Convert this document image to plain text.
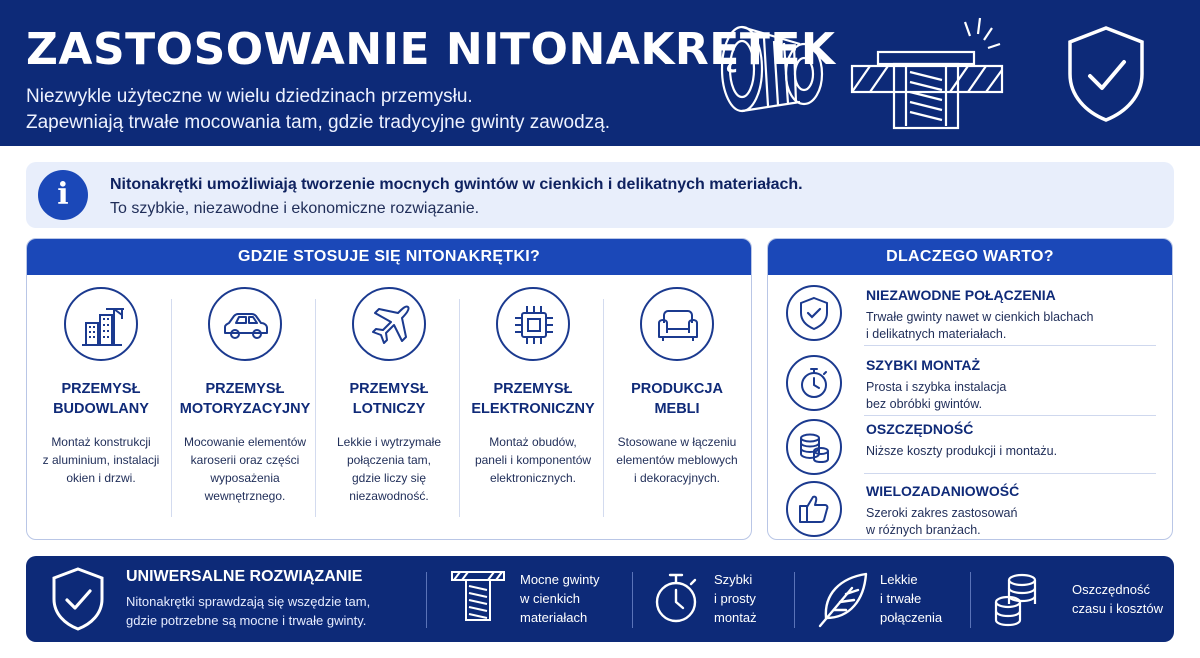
ZASTOSOWANIE NITONAKRĘTEK
Niezwykle użyteczne w wielu dziedzinach przemysłu.
Zapewniają trwałe mocowania tam, gdzie tradycyjne gwinty zawodzą.
i	Nitonakrętki umożliwiają tworzenie mocnych gwintów w cienkich i delikatnych materiałach.
To szybkie, niezawodne i ekonomiczne rozwiązanie.
GDZIE STOSUJE SIĘ NITONAKRĘTKI?
PRZEMYSŁ
BUDOWLANY
Montaż konstrukcji
z aluminium, instalacji
okien i drzwi.
PRZEMYSŁ
MOTORYZACYJNY
Mocowanie elementów
karoserii oraz części
wyposażenia
wewnętrznego.
PRZEMYSŁ
LOTNICZY
Lekkie i wytrzymałe
połączenia tam,
gdzie liczy się
niezawodność.
PRZEMYSŁ
ELEKTRONICZNY
Montaż obudów,
paneli i komponentów
elektronicznych.
PRODUKCJA
MEBLI
Stosowane w łączeniu
elementów meblowych
i dekoracyjnych.
DLACZEGO WARTO?
NIEZAWODNE POŁĄCZENIA
Trwałe gwinty nawet w cienkich blachach
i delikatnych materiałach.
SZYBKI MONTAŻ
Prosta i szybka instalacja
bez obróbki gwintów.
OSZCZĘDNOŚĆ
Niższe koszty produkcji i montażu.
WIELOZADANIOWOŚĆ
Szeroki zakres zastosowań
w różnych branżach.
UNIWERSALNE ROZWIĄZANIE
Nitonakrętki sprawdzają się wszędzie tam,
gdzie potrzebne są mocne i trwałe gwinty.
Mocne gwinty
w cienkich
materiałach
Szybki
i prosty
montaż
Lekkie
i trwałe
połączenia
Oszczędność
czasu i kosztów
